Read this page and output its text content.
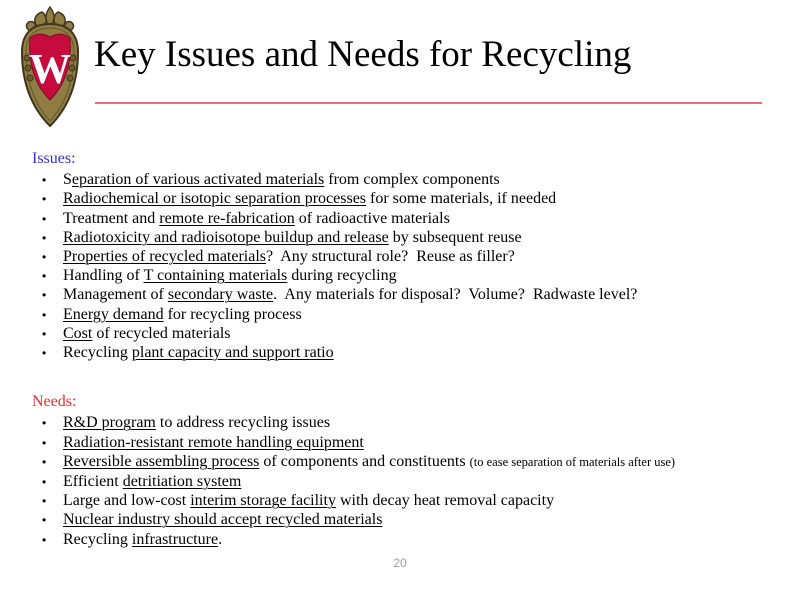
W Key Issues and Needs for Recycling
Issues:
• Separation of various activated materials from complex components
• Radiochemical or isotopic separation processes for some materials, if needed
• Treatment and remote re-fabrication of radioactive materials
• Radiotoxicity and radioisotope buildup and release by subsequent reuse
• Properties of recycled materials?  Any structural role?  Reuse as filler?
• Handling of T containing materials during recycling
• Management of secondary waste.  Any materials for disposal?  Volume?  Radwaste level?
• Energy demand for recycling process
• Cost of recycled materials
• Recycling plant capacity and support ratio
Needs:
• R&D program to address recycling issues
• Radiation-resistant remote handling equipment
• Reversible assembling process of components and constituents (to ease separation of materials after use)
• Efficient detritiation system
• Large and low-cost interim storage facility with decay heat removal capacity
• Nuclear industry should accept recycled materials
• Recycling infrastructure.
20
